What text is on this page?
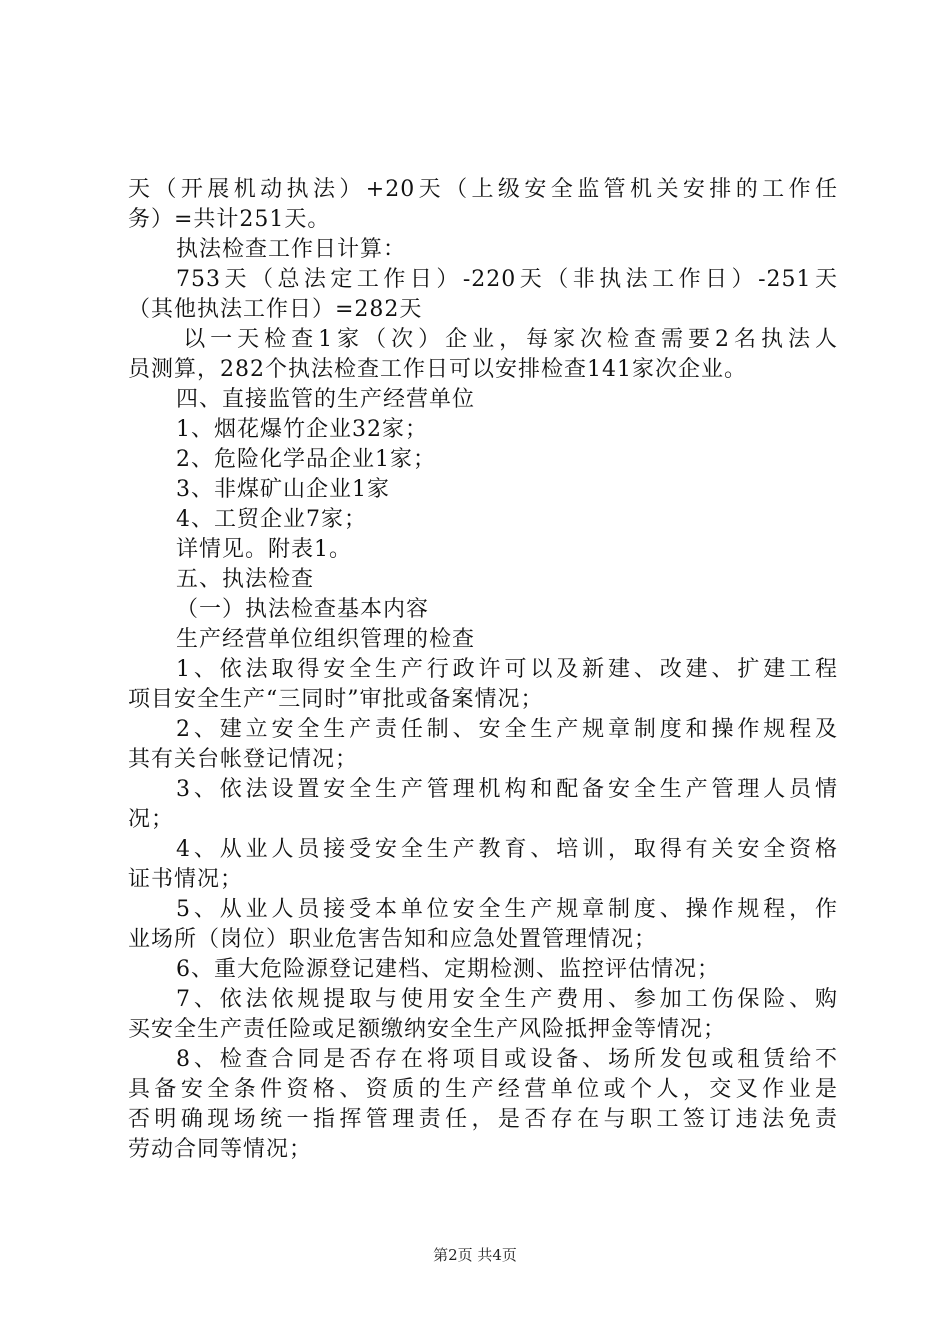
天（开展机动执法）+20天（上级安全监管机关安排的工作任
务）=共计251天。
执法检查工作日计算：
753天（总法定工作日）-220天（非执法工作日）-251天
（其他执法工作日）=282天
以一天检查1家（次）企业，每家次检查需要2名执法人
员测算，282个执法检查工作日可以安排检查141家次企业。
四、直接监管的生产经营单位
1、烟花爆竹企业32家；
2、危险化学品企业1家；
3、非煤矿山企业1家
4、工贸企业7家；
详情见。附表1。
五、执法检查
（一）执法检查基本内容
生产经营单位组织管理的检查
1、依法取得安全生产行政许可以及新建、改建、扩建工程
项目安全生产“三同时”审批或备案情况；
2、建立安全生产责任制、安全生产规章制度和操作规程及
其有关台帐登记情况；
3、依法设置安全生产管理机构和配备安全生产管理人员情
况；
4、从业人员接受安全生产教育、培训，取得有关安全资格
证书情况；
5、从业人员接受本单位安全生产规章制度、操作规程，作
业场所（岗位）职业危害告知和应急处置管理情况；
6、重大危险源登记建档、定期检测、监控评估情况；
7、依法依规提取与使用安全生产费用、参加工伤保险、购
买安全生产责任险或足额缴纳安全生产风险抵押金等情况；
8、检查合同是否存在将项目或设备、场所发包或租赁给不
具备安全条件资格、资质的生产经营单位或个人，交叉作业是
否明确现场统一指挥管理责任，是否存在与职工签订违法免责
劳动合同等情况；
第2页 共4页
